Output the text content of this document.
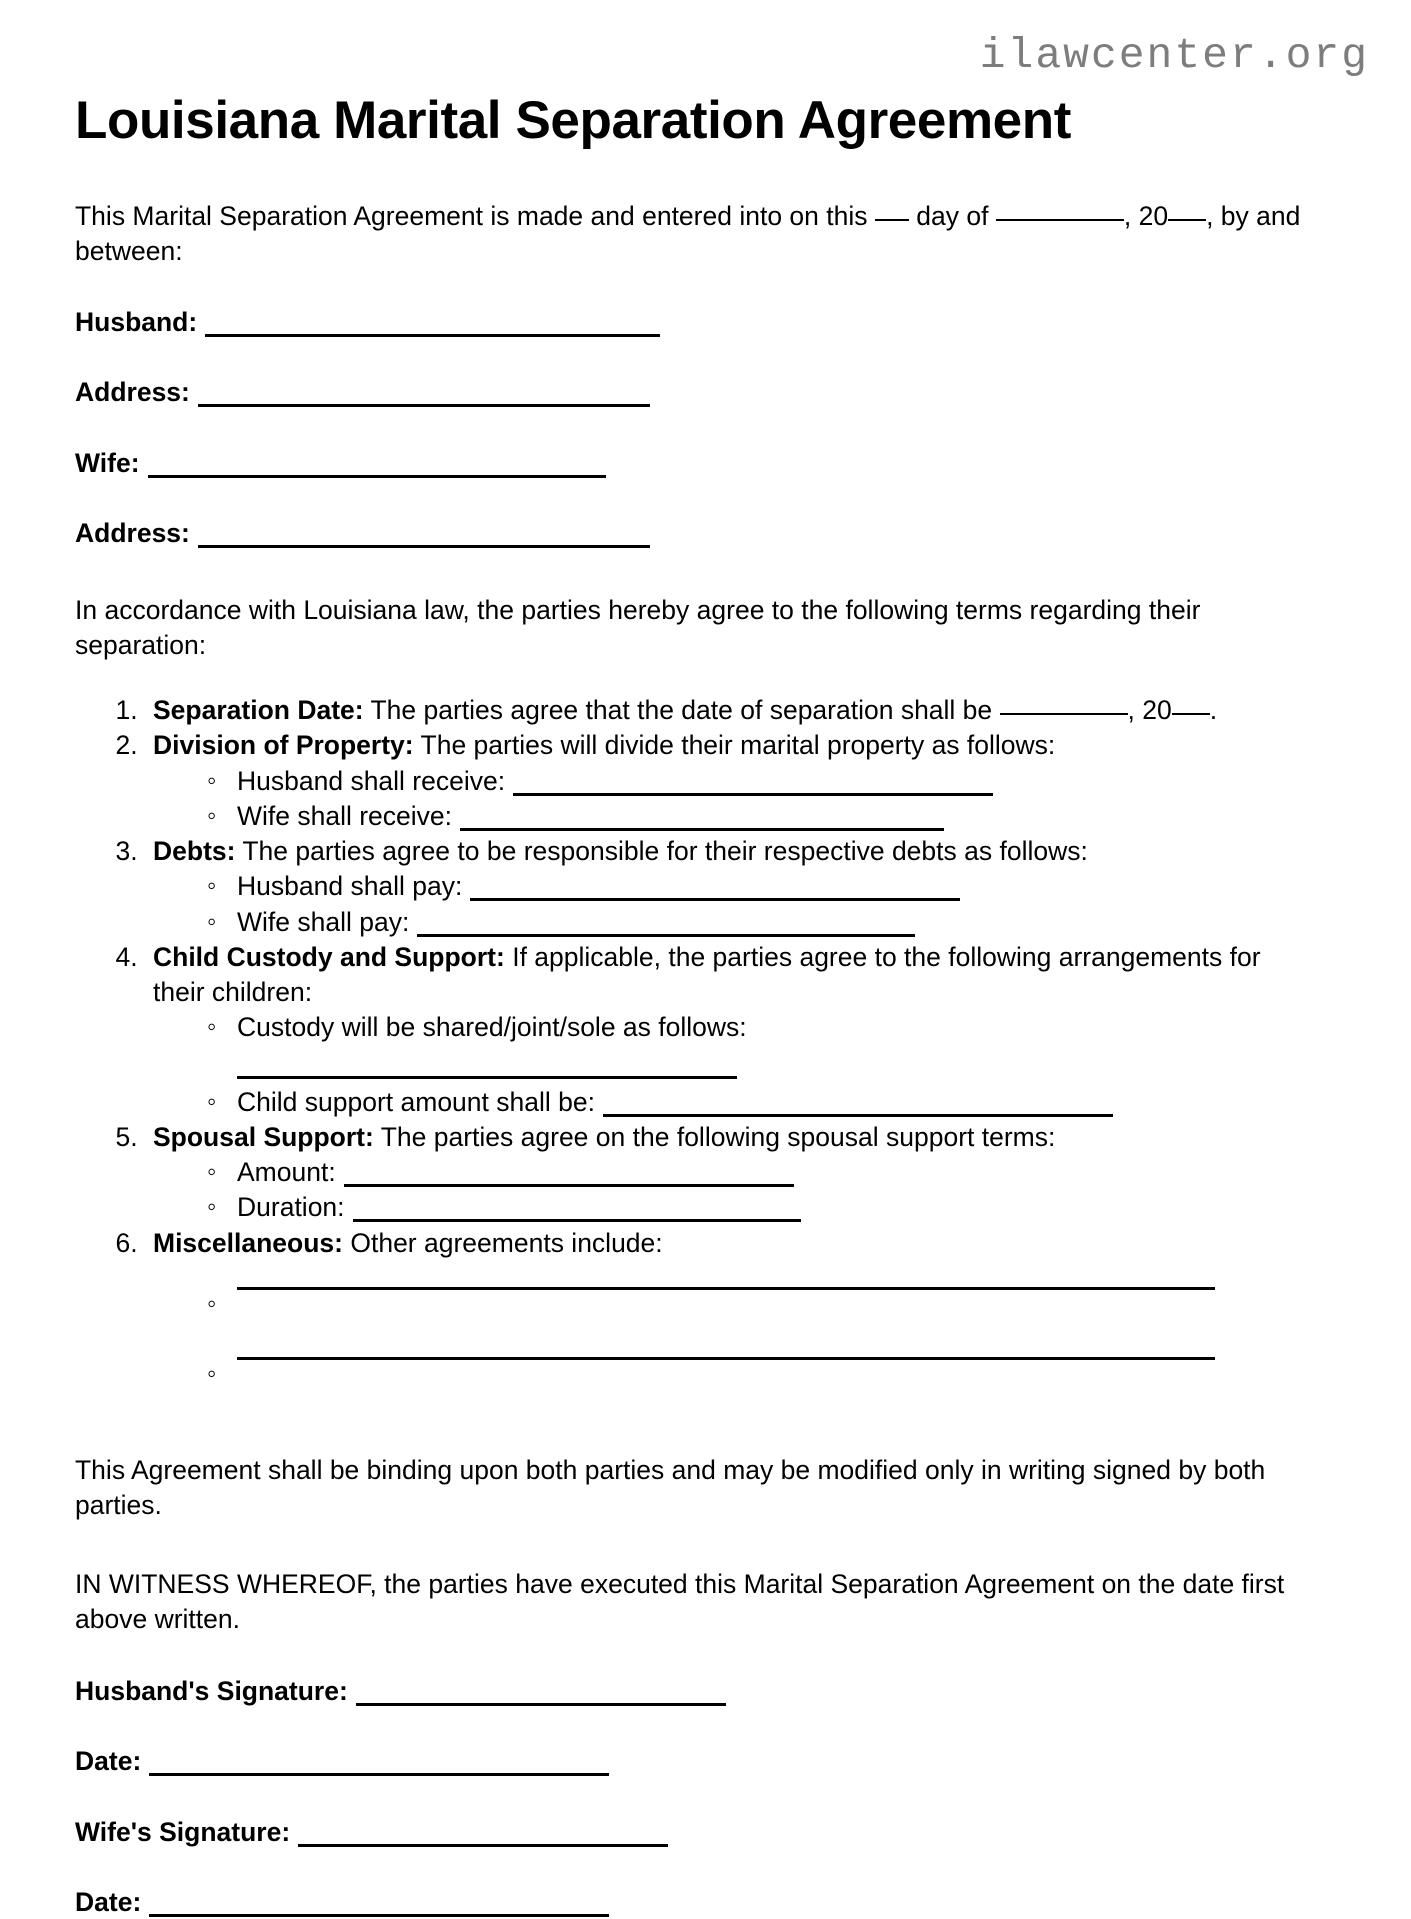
ilawcenter.org
Louisiana Marital Separation Agreement

This Marital Separation Agreement is made and entered into on this day of	, 20 , by and between:

Husband:
Address:
Wife:
Address:

In accordance with Louisiana law, the parties hereby agree to the following terms regarding their separation:

1. Separation Date: The parties agree that the date of separation shall be	, 20 .
2. Division of Property: The parties will divide their marital property as follows:
◦ Husband shall receive:
◦ Wife shall receive:
3. Debts: The parties agree to be responsible for their respective debts as follows:
◦ Husband shall pay:
◦ Wife shall pay:
4. Child Custody and Support: If applicable, the parties agree to the following arrangements for their children:
◦ Custody will be shared/joint/sole as follows:
◦ Child support amount shall be:
5. Spousal Support: The parties agree on the following spousal support terms:
◦ Amount:
◦ Duration:
6. Miscellaneous: Other agreements include:
◦
◦

This Agreement shall be binding upon both parties and may be modified only in writing signed by both parties.

IN WITNESS WHEREOF, the parties have executed this Marital Separation Agreement on the date first above written.

Husband's Signature:
Date:
Wife's Signature:
Date:
